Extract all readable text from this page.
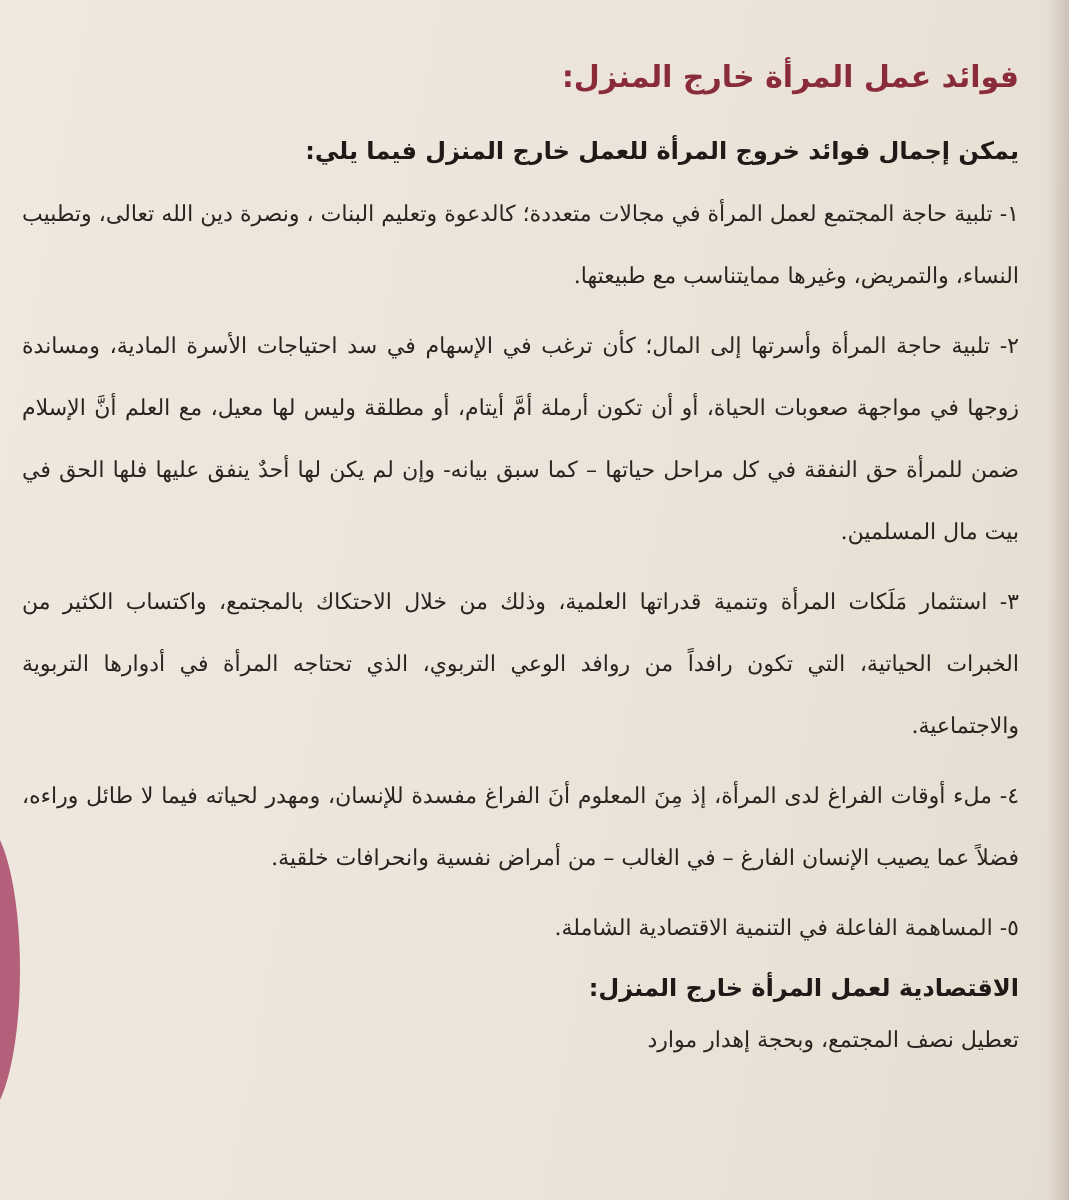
فوائد عمل المرأة خارج المنزل:

يمكن إجمال فوائد خروج المرأة للعمل خارج المنزل فيما يلي:

١- تلبية حاجة المجتمع لعمل المرأة في مجالات متعددة؛ كالدعوة وتعليم البنات ، ونصرة دين الله تعالى، وتطبيب النساء، والتمريض، وغيرها ممايتناسب مع طبيعتها.

٢- تلبية حاجة المرأة وأسرتها إلى المال؛ كأن ترغب في الإسهام في سد احتياجات الأسرة المادية، ومساندة زوجها في مواجهة صعوبات الحياة، أو أن تكون أرملة أمَّ أيتام، أو مطلقة وليس لها معيل، مع العلم أنَّ الإسلام ضمن للمرأة حق النفقة في كل مراحل حياتها – كما سبق بيانه- وإن لم يكن لها أحدٌ ينفق عليها فلها الحق في بيت مال المسلمين.

٣- استثمار مَلَكات المرأة وتنمية قدراتها العلمية، وذلك من خلال الاحتكاك بالمجتمع، واكتساب الكثير من الخبرات الحياتية، التي تكون رافداً من روافد الوعي التربوي، الذي تحتاجه المرأة في أدوارها التربوية والاجتماعية.

٤- ملء أوقات الفراغ لدى المرأة، إذ مِنَ المعلوم أنَ الفراغ مفسدة للإنسان، ومهدر لحياته فيما لا طائل وراءه، فضلاً عما يصيب الإنسان الفارغ – في الغالب – من أمراض نفسية وانحرافات خلقية.

٥- المساهمة الفاعلة في التنمية الاقتصادية الشاملة.

الاقتصادية لعمل المرأة خارج المنزل:

تعطيل نصف المجتمع، وبحجة إهدار موارد
